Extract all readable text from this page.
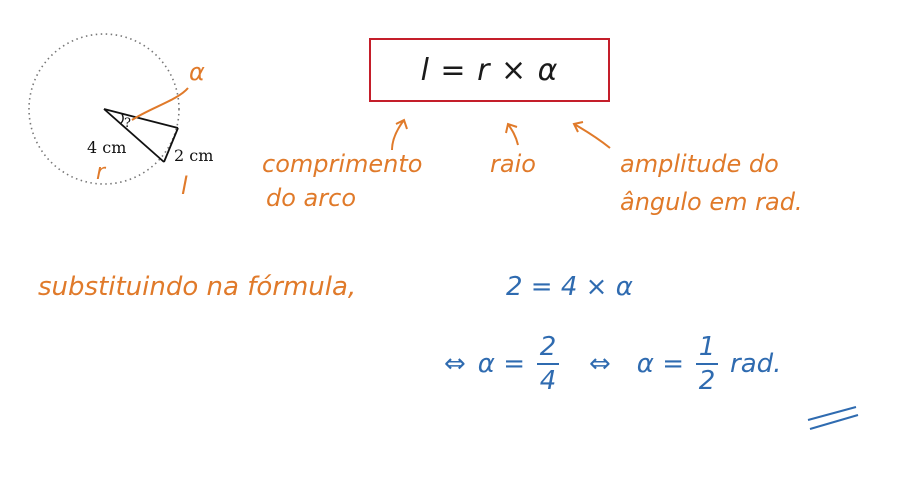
α
?
4 cm	2 cm
r	l
l = r × α
comprimento
do arco
raio	amplitude do
ângulo em rad.
substituindo na fórmula,	2 = 4 × α
⇔ $\alpha = \frac{2}{4}$ ⇔ $\alpha = \frac{1}{2}$ rad.
